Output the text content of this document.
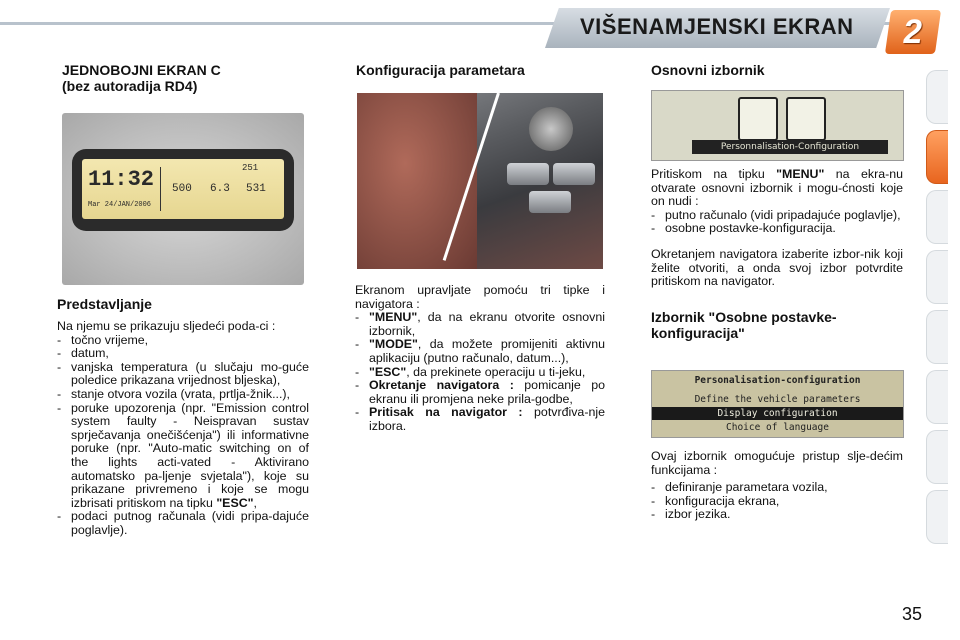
VIŠENAMJENSKI EKRAN	2
JEDNOBOJNI EKRAN C
(bez autoradija RD4)
11:32
Mar 24/JAN/2006
251
500 6.3 531
Predstavljanje

Na njemu se prikazuju sljedeći poda-ci :

- točno vrijeme,
- datum,
- vanjska temperatura (u slučaju mo-guće poledice prikazana vrijednost bljeska),
- stanje otvora vozila (vrata, prtlja-žnik...),
- poruke upozorenja (npr. "Emission control system faulty - Neispravan sustav sprječavanja onečišćenja") ili informativne poruke (npr. "Auto-matic switching on of the lights acti-vated - Aktivirano automatsko pa-ljenje svjetala"), koje su prikazane privremeno i koje se mogu izbrisati pritiskom na tipku "ESC",
- podaci putnog računala (vidi pripa-dajuće poglavlje).
Konfiguracija parametara

Ekranom upravljate pomoću tri tipke i navigatora :

- "MENU", da na ekranu otvorite osnovni izbornik,
- "MODE", da možete promijeniti aktivnu aplikaciju (putno računalo, datum...),
- "ESC", da prekinete operaciju u ti-jeku,
- Okretanje navigatora : pomicanje po ekranu ili promjena neke prila-godbe,
- Pritisak na navigator : potvrđiva-nje izbora.
Osnovni izbornik
Personnalisation-Configuration

Pritiskom na tipku "MENU" na ekra-nu otvarate osnovni izbornik i mogu-ćnosti koje on nudi :

- putno računalo (vidi pripadajuće poglavlje),
- osobne postavke-konfiguracija.

Okretanjem navigatora izaberite izbor-nik koji želite otvoriti, a onda svoj izbor potvrdite pritiskom na navigator.

Izbornik "Osobne postavke-
konfiguracija"
Personalisation-configuration
Define the vehicle parameters
Display configuration
Choice of language

Ovaj izbornik omogućuje pristup slje-dećim funkcijama :

- definiranje parametara vozila,
- konfiguracija ekrana,
- izbor jezika.
35
